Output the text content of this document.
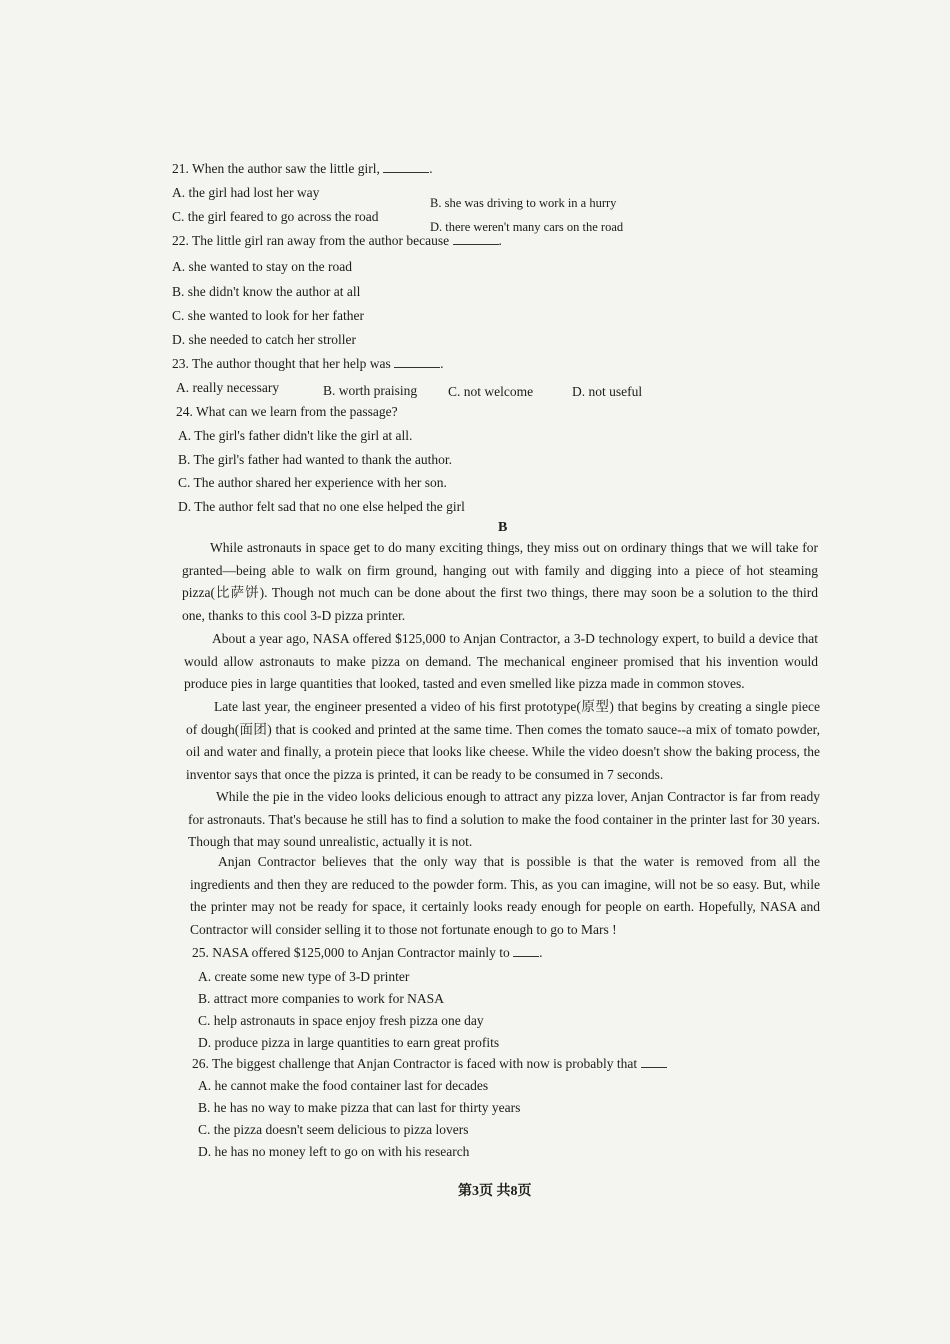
21. When the author saw the little girl,	.
A. the girl had lost her way
B. she was driving to work in a hurry
C. the girl feared to go across the road
D. there weren't many cars on the road
22. The little girl ran away from the author because	.
A. she wanted to stay on the road
B. she didn't know the author at all
C. she wanted to look for her father
D. she needed to catch her stroller
23. The author thought that her help was	.
A. really necessary	B. worth praising C. not welcome	D. not useful
24. What can we learn from the passage?
A. The girl's father didn't like the girl at all.
B. The girl's father had wanted to thank the author.
C. The author shared her experience with her son.
D. The author felt sad that no one else helped the girl
B
While astronauts in space get to do many exciting things, they miss out on ordinary things that we will take for granted—being able to walk on firm ground, hanging out with family and digging into a piece of hot steaming pizza(比萨饼). Though not much can be done about the first two things, there may soon be a solution to the third one, thanks to this cool 3-D pizza printer.
About a year ago, NASA offered $125,000 to Anjan Contractor, a 3-D technology expert, to build a device that would allow astronauts to make pizza on demand. The mechanical engineer promised that his invention would produce pies in large quantities that looked, tasted and even smelled like pizza made in common stoves.
Late last year, the engineer presented a video of his first prototype(原型) that begins by creating a single piece of dough(面团) that is cooked and printed at the same time. Then comes the tomato sauce--a mix of tomato powder, oil and water and finally, a protein piece that looks like cheese. While the video doesn't show the baking process, the inventor says that once the pizza is printed, it can be ready to be consumed in 7 seconds.
While the pie in the video looks delicious enough to attract any pizza lover, Anjan Contractor is far from ready for astronauts. That's because he still has to find a solution to make the food container in the printer last for 30 years. Though that may sound unrealistic, actually it is not.
Anjan Contractor believes that the only way that is possible is that the water is removed from all the ingredients and then they are reduced to the powder form. This, as you can imagine, will not be so easy. But, while the printer may not be ready for space, it certainly looks ready enough for people on earth. Hopefully, NASA and Contractor will consider selling it to those not fortunate enough to go to Mars !
25. NASA offered $125,000 to Anjan Contractor mainly to .
A. create some new type of 3-D printer
B. attract more companies to work for NASA
C. help astronauts in space enjoy fresh pizza one day
D. produce pizza in large quantities to earn great profits
26. The biggest challenge that Anjan Contractor is faced with now is probably that
A. he cannot make the food container last for decades
B. he has no way to make pizza that can last for thirty years
C. the pizza doesn't seem delicious to pizza lovers
D. he has no money left to go on with his research
第3页 共8页
